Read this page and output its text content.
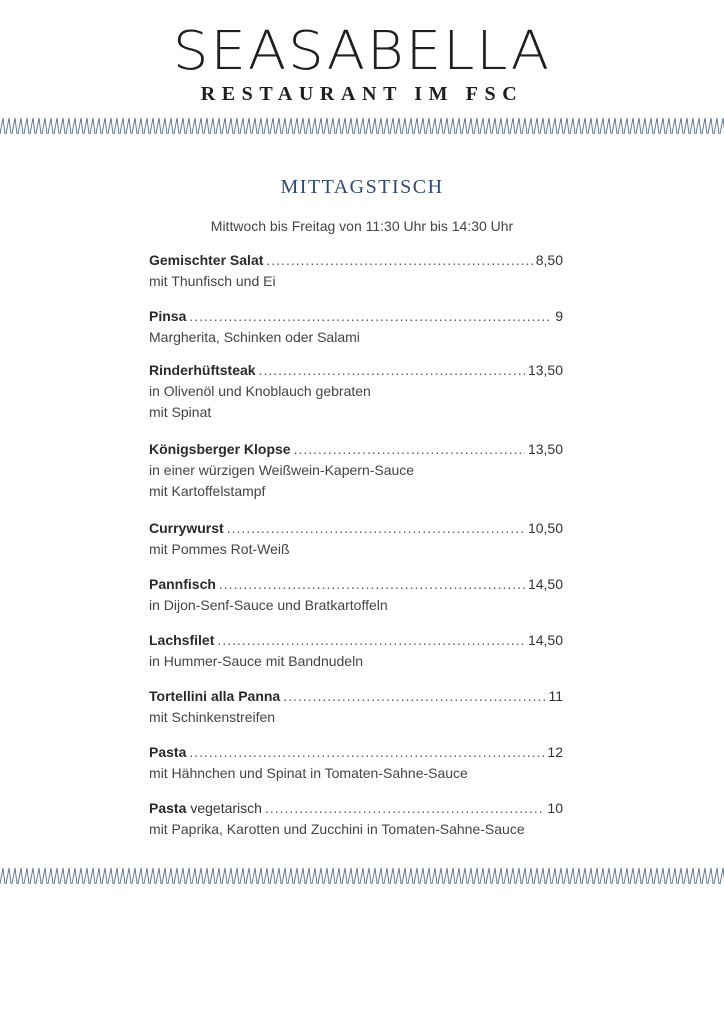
SEASABELLA
RESTAURANT IM FSC
MITTAGSTISCH
Mittwoch bis Freitag von 11:30 Uhr bis 14:30 Uhr
Gemischter Salat .....	8,50
mit Thunfisch und Ei
Pinsa .....	9
Margherita, Schinken oder Salami
Rinderhüftsteak .....	13,50
in Olivenöl und Knoblauch gebraten
mit Spinat
Königsberger Klopse .....	13,50
in einer würzigen Weißwein-Kapern-Sauce
mit Kartoffelstampf
Currywurst .....	10,50
mit Pommes Rot-Weiß
Pannfisch .....	14,50
in Dijon-Senf-Sauce und Bratkartoffeln
Lachsfilet .....	14,50
in Hummer-Sauce mit Bandnudeln
Tortellini alla Panna .....	11
mit Schinkenstreifen
Pasta .....	12
mit Hähnchen und Spinat in Tomaten-Sahne-Sauce
Pasta vegetarisch .....	10
mit Paprika, Karotten und Zucchini in Tomaten-Sahne-Sauce
